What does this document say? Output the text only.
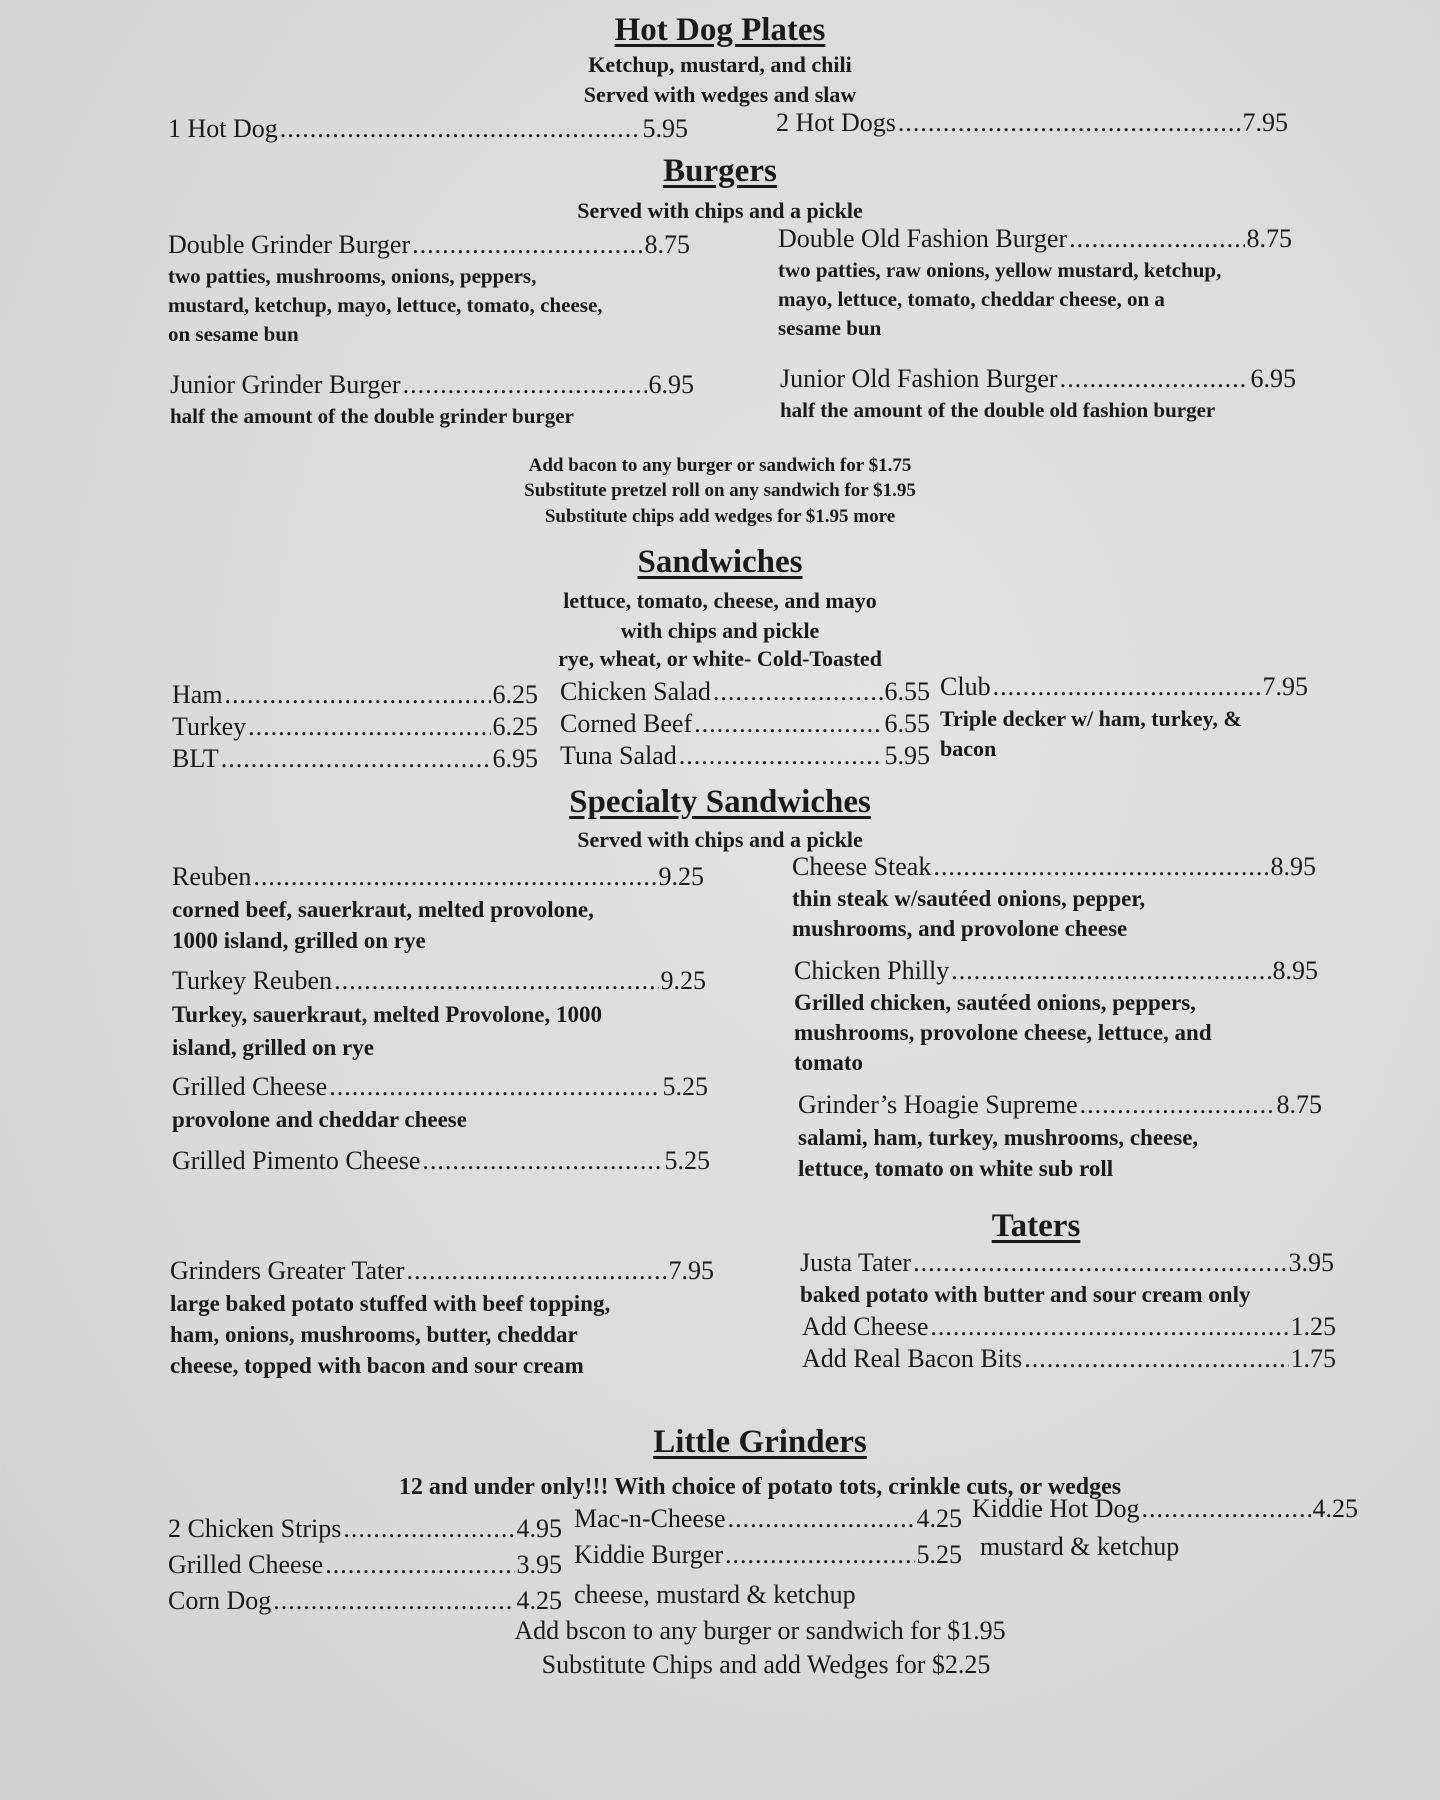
Hot Dog Plates

Ketchup, mustard, and chili

Served with wedges and slaw

1 Hot Dog .....	5.95	2 Hot Dogs .....	7.95
Burgers

Served with chips and a pickle

Double Grinder Burger .....	8.75
two patties, mushrooms, onions, peppers,
mustard, ketchup, mayo, lettuce, tomato, cheese,
on sesame bun
Double Old Fashion Burger .....	8.75
two patties, raw onions, yellow mustard, ketchup,
mayo, lettuce, tomato, cheddar cheese, on a
sesame bun
Junior Grinder Burger .....	6.95
half the amount of the double grinder burger
Junior Old Fashion Burger .....	6.95
half the amount of the double old fashion burger

Add bacon to any burger or sandwich for $1.75

Substitute pretzel roll on any sandwich for $1.95

Substitute chips add wedges for $1.95 more

Sandwiches

lettuce, tomato, cheese, and mayo

with chips and pickle

rye, wheat, or white- Cold-Toasted

Ham .....	6.25
Turkey .....	6.25
BLT .....	6.95
Chicken Salad .....	6.55
Corned Beef .....	6.55
Tuna Salad .....	5.95
Club .....	7.95
Triple decker w/ ham, turkey, &
bacon
Specialty Sandwiches

Served with chips and a pickle

Reuben .....	9.25
corned beef, sauerkraut, melted provolone,
1000 island, grilled on rye
Turkey Reuben .....	9.25
Turkey, sauerkraut, melted Provolone, 1000
island, grilled on rye
Grilled Cheese .....	5.25
provolone and cheddar cheese
Grilled Pimento Cheese .....	5.25
Cheese Steak .....	8.95
thin steak w/sautéed onions, pepper,
mushrooms, and provolone cheese
Chicken Philly .....	8.95
Grilled chicken, sautéed onions, peppers,
mushrooms, provolone cheese, lettuce, and
tomato
Grinder’s Hoagie Supreme .....	8.75
salami, ham, turkey, mushrooms, cheese,
lettuce, tomato on white sub roll
Taters
Grinders Greater Tater .....	7.95
large baked potato stuffed with beef topping,
ham, onions, mushrooms, butter, cheddar
cheese, topped with bacon and sour cream
Justa Tater .....	3.95
baked potato with butter and sour cream only
Add Cheese .....	1.25
Add Real Bacon Bits .....	1.75
Little Grinders

12 and under only!!! With choice of potato tots, crinkle cuts, or wedges

2 Chicken Strips .....	4.95
Grilled Cheese .....	3.95
Corn Dog .....	4.25
Mac-n-Cheese .....	4.25
Kiddie Burger .....	5.25
cheese, mustard & ketchup
Kiddie Hot Dog .....	4.25
mustard & ketchup

Add bscon to any burger or sandwich for $1.95

Substitute Chips and add Wedges for $2.25
